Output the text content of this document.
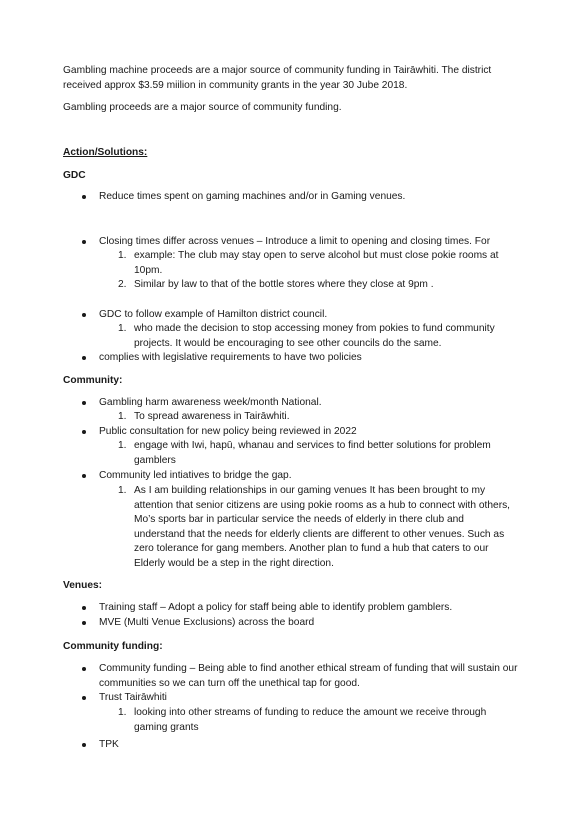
Gambling machine proceeds are a major source of community funding in Tairāwhiti. The district received approx $3.59 miilion in community grants in the year 30 Jube 2018.

Gambling proceeds are a major source of community funding.

Action/Solutions:

GDC

Reduce times spent on gaming machines and/or in Gaming venues.
Closing times differ across venues – Introduce a limit to opening and closing times. For
1. example: The club may stay open to serve alcohol but must close pokie rooms at 10pm.
2. Similar by law to that of the bottle stores where they close at 9pm .
GDC to follow example of Hamilton district council.
1. who made the decision to stop accessing money from pokies to fund community projects. It would be encouraging to see other councils do the same.
complies with legislative requirements to have two policies

Community:

Gambling harm awareness week/month National.
1. To spread awareness in Tairāwhiti.
Public consultation for new policy being reviewed in 2022
1. engage with Iwi, hapū, whanau and services to find better solutions for problem gamblers
Community led intiatives to bridge the gap.
1. As I am building relationships in our gaming venues It has been brought to my attention that senior citizens are using pokie rooms as a hub to connect with others, Mo’s sports bar in particular service the needs of elderly in there club and understand that the needs for elderly clients are different to other venues. Such as zero tolerance for gang members. Another plan to fund a hub that caters to our Elderly would be a step in the right direction.

Venues:

Training staff – Adopt a policy for staff being able to identify problem gamblers.
MVE (Multi Venue Exclusions) across the board

Community funding:

Community funding – Being able to find another ethical stream of funding that will sustain our communities so we can turn off the unethical tap for good.
Trust Tairāwhiti
1. looking into other streams of funding to reduce the amount we receive through gaming grants
TPK
